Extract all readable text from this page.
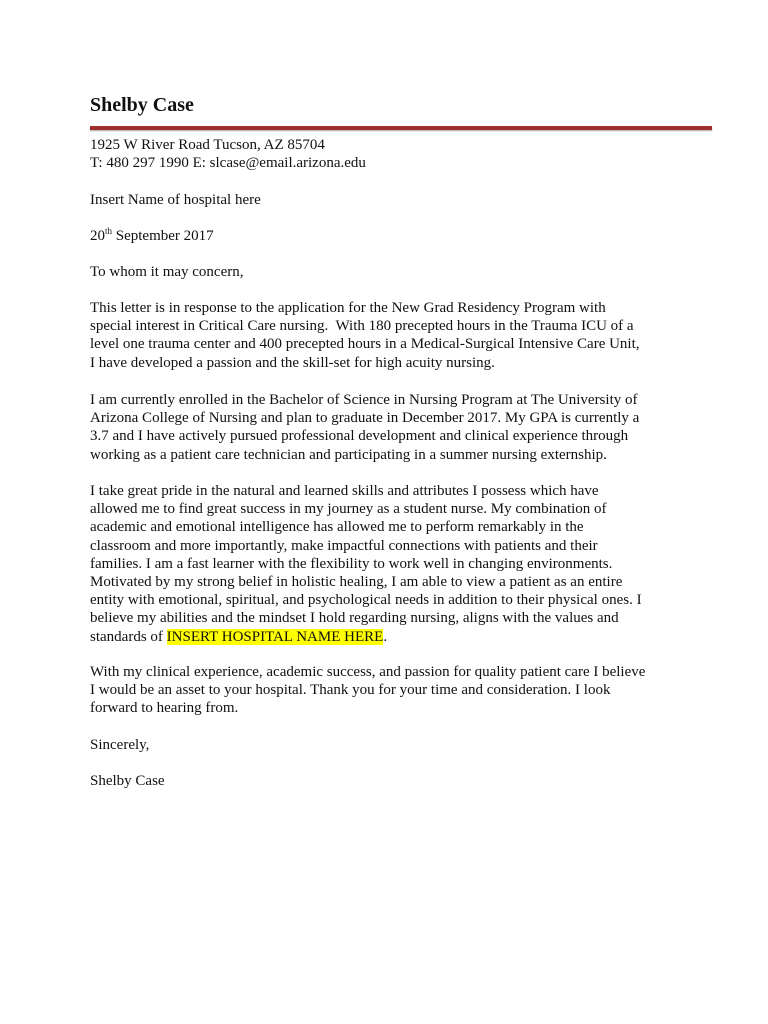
Shelby Case
1925 W River Road Tucson, AZ 85704
T: 480 297 1990 E: slcase@email.arizona.edu
Insert Name of hospital here
20th September 2017
To whom it may concern,
This letter is in response to the application for the New Grad Residency Program with
special interest in Critical Care nursing.  With 180 precepted hours in the Trauma ICU of a
level one trauma center and 400 precepted hours in a Medical-Surgical Intensive Care Unit,
I have developed a passion and the skill-set for high acuity nursing.
I am currently enrolled in the Bachelor of Science in Nursing Program at The University of
Arizona College of Nursing and plan to graduate in December 2017. My GPA is currently a
3.7 and I have actively pursued professional development and clinical experience through
working as a patient care technician and participating in a summer nursing externship.
I take great pride in the natural and learned skills and attributes I possess which have
allowed me to find great success in my journey as a student nurse. My combination of
academic and emotional intelligence has allowed me to perform remarkably in the
classroom and more importantly, make impactful connections with patients and their
families. I am a fast learner with the flexibility to work well in changing environments.
Motivated by my strong belief in holistic healing, I am able to view a patient as an entire
entity with emotional, spiritual, and psychological needs in addition to their physical ones. I
believe my abilities and the mindset I hold regarding nursing, aligns with the values and
standards of INSERT HOSPITAL NAME HERE.
With my clinical experience, academic success, and passion for quality patient care I believe
I would be an asset to your hospital. Thank you for your time and consideration. I look
forward to hearing from.
Sincerely,
Shelby Case
